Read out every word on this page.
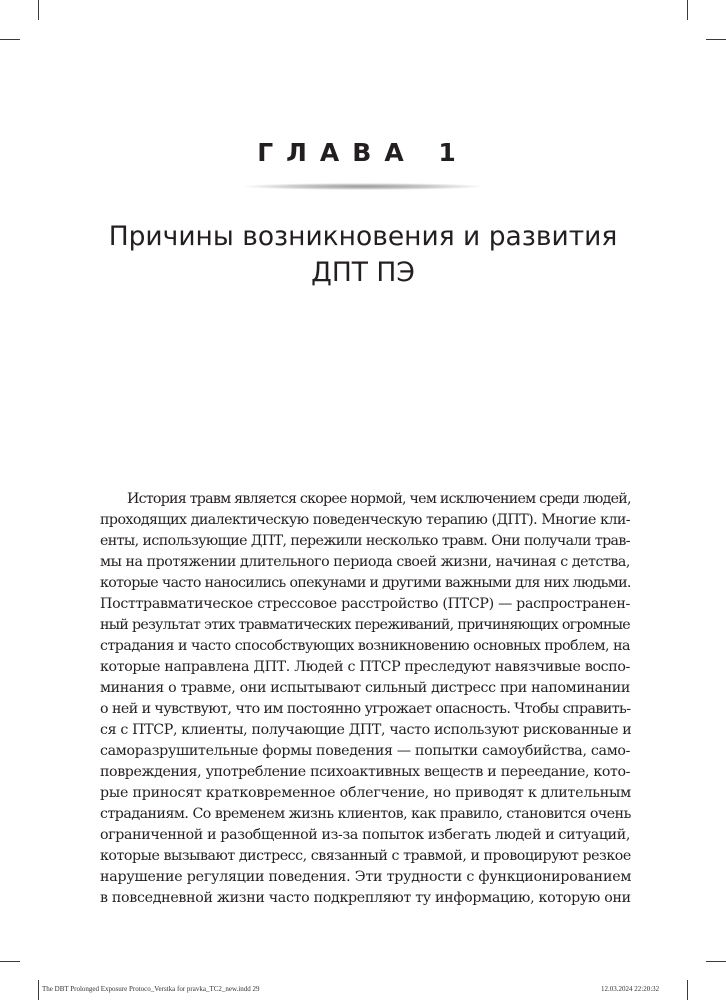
ГЛАВА 1
Причины возникновения и развития
ДПТ ПЭ
История травм является скорее нормой, чем исключением среди людей,
проходящих диалектическую поведенческую терапию (ДПТ). Многие кли-
енты, использующие ДПТ, пережили несколько травм. Они получали трав-
мы на протяжении длительного периода своей жизни, начиная с детства,
которые часто наносились опекунами и другими важными для них людьми.
Посттравматическое стрессовое расстройство (ПТСР) — распространен-
ный результат этих травматических переживаний, причиняющих огромные
страдания и часто способствующих возникновению основных проблем, на
которые направлена ДПТ. Людей с ПТСР преследуют навязчивые воспо-
минания о травме, они испытывают сильный дистресс при напоминании
о ней и чувствуют, что им постоянно угрожает опасность. Чтобы справить-
ся с ПТСР, клиенты, получающие ДПТ, часто используют рискованные и
саморазрушительные формы поведения — попытки самоубийства, само-
повреждения, употребление психоактивных веществ и переедание, кото-
рые приносят кратковременное облегчение, но приводят к длительным
страданиям. Со временем жизнь клиентов, как правило, становится очень
ограниченной и разобщенной из-за попыток избегать людей и ситуаций,
которые вызывают дистресс, связанный с травмой, и провоцируют резкое
нарушение регуляции поведения. Эти трудности с функционированием
в повседневной жизни часто подкрепляют ту информацию, которую они
The DBT Prolonged Exposure Protoco_Verstka for pravka_TC2_new.indd 29	12.03.2024 22:20:32
